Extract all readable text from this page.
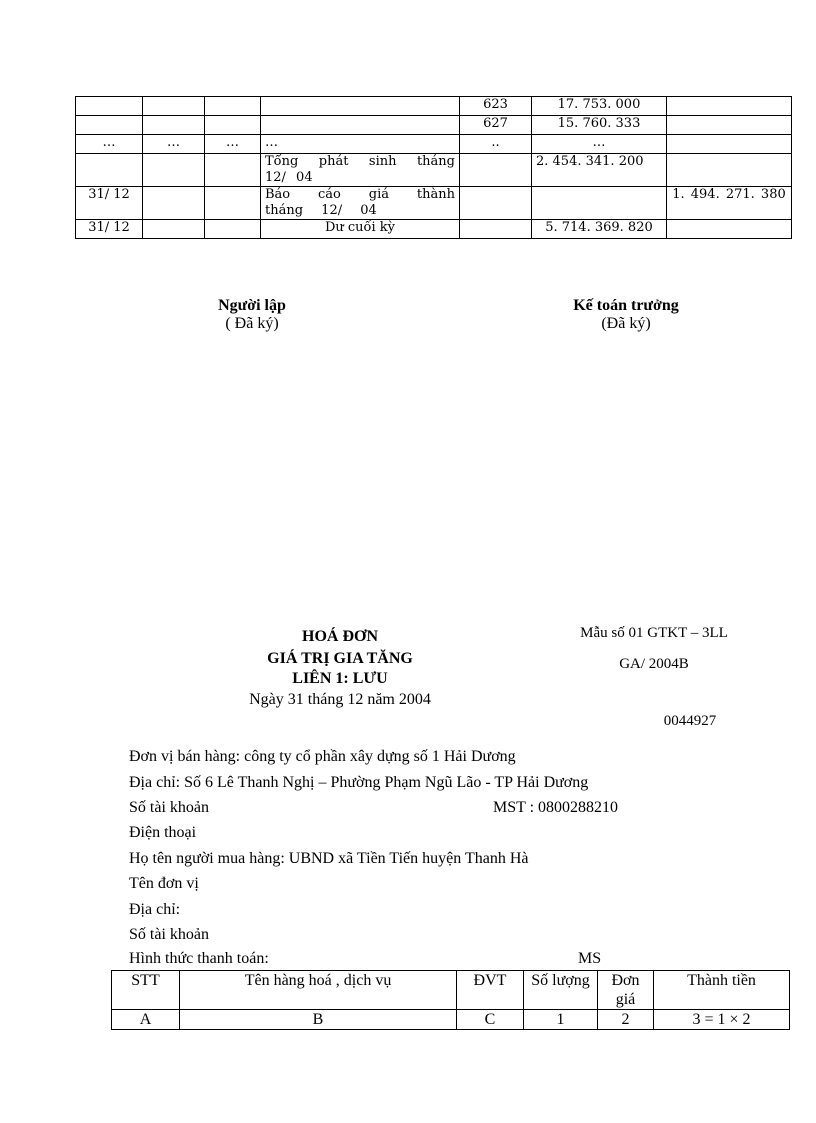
				623	17. 753. 000	
				627	15. 760. 333	
…	…	…	…	..	…	
			Tổng phát sinh tháng 12/ 04		2. 454. 341. 200	
31/ 12			Báo cáo giá thành tháng 12/ 04			1. 494. 271. 380
31/ 12			Dư cuối kỳ		5. 714. 369. 820	
Người lập
( Đã ký)
Kế toán trưởng
(Đã ký)
HOÁ ĐƠN
GIÁ TRỊ GIA TĂNG
LIÊN 1: LƯU
Ngày 31 tháng 12 năm 2004
Mẫu số 01 GTKT – 3LL
GA/ 2004B
0044927
Đơn vị bán hàng: công ty cổ phần xây dựng số 1 Hải Dương
Địa chỉ: Số 6 Lê Thanh Nghị – Phường Phạm Ngũ Lão - TP Hải Dương
Số tài khoản	MST : 0800288210
Điện thoại
Họ tên người mua hàng: UBND xã Tiền Tiến huyện Thanh Hà
Tên đơn vị
Địa chỉ:
Số tài khoản
Hình thức thanh toán:	MS
STT	Tên hàng hoá , dịch vụ	ĐVT	Số lượng	Đơn giá	Thành tiền
A	B	C	1	2	3 = 1 × 2
